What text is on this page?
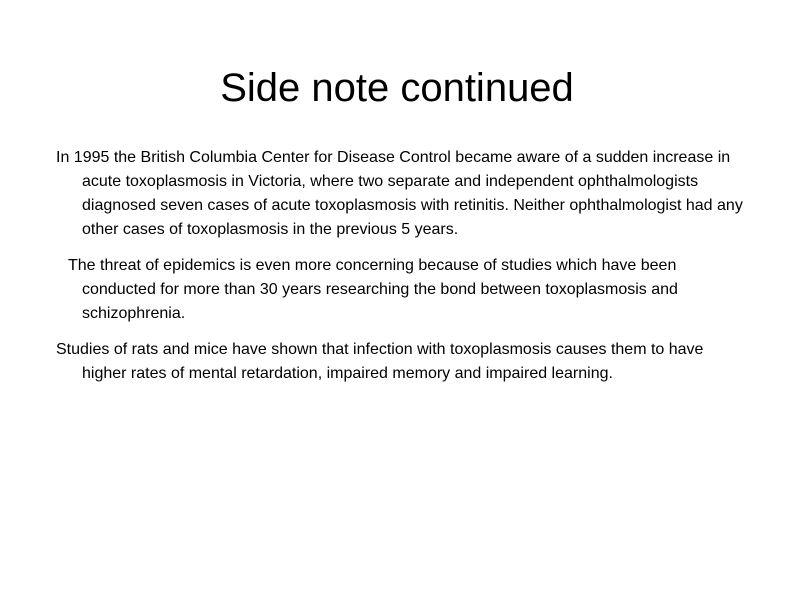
Side note continued

In 1995 the British Columbia Center for Disease Control became aware of a sudden increase in acute toxoplasmosis in Victoria, where two separate and independent ophthalmologists diagnosed seven cases of acute toxoplasmosis with retinitis. Neither ophthalmologist had any other cases of toxoplasmosis in the previous 5 years.

The threat of epidemics is even more concerning because of studies which have been conducted for more than 30 years researching the bond between toxoplasmosis and schizophrenia.

Studies of rats and mice have shown that infection with toxoplasmosis causes them to have higher rates of mental retardation, impaired memory and impaired learning.
